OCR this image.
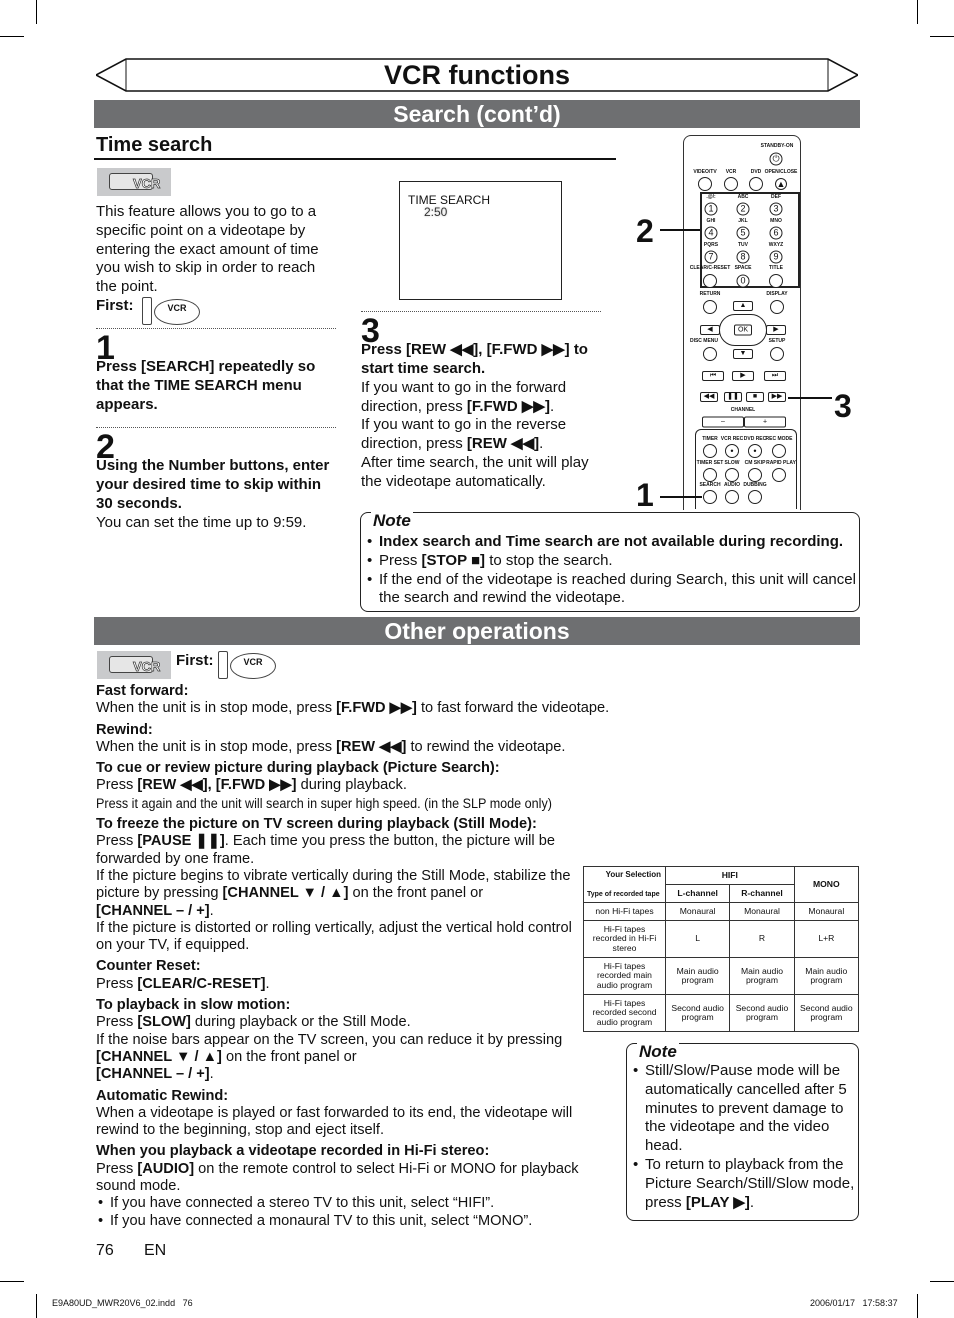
VCR functions
Search (cont’d)
Time search
VCR
This feature allows you to go to a specific point on a videotape by entering the exact amount of time you wish to skip in order to reach the point.
First:	VCR
1
Press [SEARCH] repeatedly so that the TIME SEARCH menu appears.
2
Using the Number buttons, enter your desired time to skip within 30 seconds.
You can set the time up to 9:59.
TIME SEARCH
2:50
3
Press [REW ◀◀], [F.FWD ▶▶] to start time search.
If you want to go in the forward direction, press [F.FWD ▶▶].
If you want to go in the reverse direction, press [REW ◀◀].
After time search, the unit will play the videotape automatically.
STANDBY-ON
VIDEO/TV VCR	DVD OPEN/CLOSE
.@/:	ABC	DEF
GHI	JKL	MNO
PQRS	TUV	WXYZ
CLEAR/C-RESET SPACE	TITLE
RETURN	DISPLAY
DISC MENU	SETUP
CHANNEL
TIMER VCR REC DVD REC REC MODE
TIMER SET SLOW CM SKIP RAPID PLAY
SEARCH AUDIO DUBBING
⏻
▲
1	2	3
4	5	6
7	8	9
0
▲
▼
◀	▶
OK
⏮	▶	⏭
◀◀	❚❚	■	▶▶
–	+
•	•
2
3
1
Note
• Index search and Time search are not available during recording.
• Press [STOP ■] to stop the search.
• If the end of the videotape is reached during Search, this unit will cancel the search and rewind the videotape.
Other operations
VCR First:	VCR
Fast forward:
When the unit is in stop mode, press [F.FWD ▶▶] to fast forward the videotape.
Rewind:
When the unit is in stop mode, press [REW ◀◀] to rewind the videotape.
To cue or review picture during playback (Picture Search):
Press [REW ◀◀], [F.FWD ▶▶] during playback.
Press it again and the unit will search in super high speed. (in the SLP mode only)
To freeze the picture on TV screen during playback (Still Mode):
Press [PAUSE ❚❚]. Each time you press the button, the picture will be forwarded by one frame.
If the picture begins to vibrate vertically during the Still Mode, stabilize the picture by pressing [CHANNEL ▼ / ▲] on the front panel or
[CHANNEL – / +].
If the picture is distorted or rolling vertically, adjust the vertical hold control on your TV, if equipped.
Counter Reset:
Press [CLEAR/C-RESET].
To playback in slow motion:
Press [SLOW] during playback or the Still Mode.
If the noise bars appear on the TV screen, you can reduce it by pressing [CHANNEL ▼ / ▲] on the front panel or
[CHANNEL – / +].
Automatic Rewind:
When a videotape is played or fast forwarded to its end, the videotape will rewind to the beginning, stop and eject itself.
When you playback a videotape recorded in Hi-Fi stereo:
Press [AUDIO] on the remote control to select Hi-Fi or MONO for playback sound mode.
• If you have connected a stereo TV to this unit, select “HIFI”.
• If you have connected a monaural TV to this unit, select “MONO”.
Your Selection
Type of recorded tape	HIFI		MONO
	L-channel	R-channel	
non Hi-Fi tapes	Monaural	Monaural	Monaural
Hi-Fi tapes recorded in Hi-Fi stereo	L	R	L+R
Hi-Fi tapes recorded main audio program	Main audio program	Main audio program	Main audio program
Hi-Fi tapes recorded second audio program	Second audio program	Second audio program	Second audio program
Note
• Still/Slow/Pause mode will be automatically cancelled after 5 minutes to prevent damage to the videotape and the video head.
• To return to playback from the Picture Search/Still/Slow mode, press [PLAY ▶].
76 EN
E9A80UD_MWR20V6_02.indd   76	2006/01/17   17:58:37
